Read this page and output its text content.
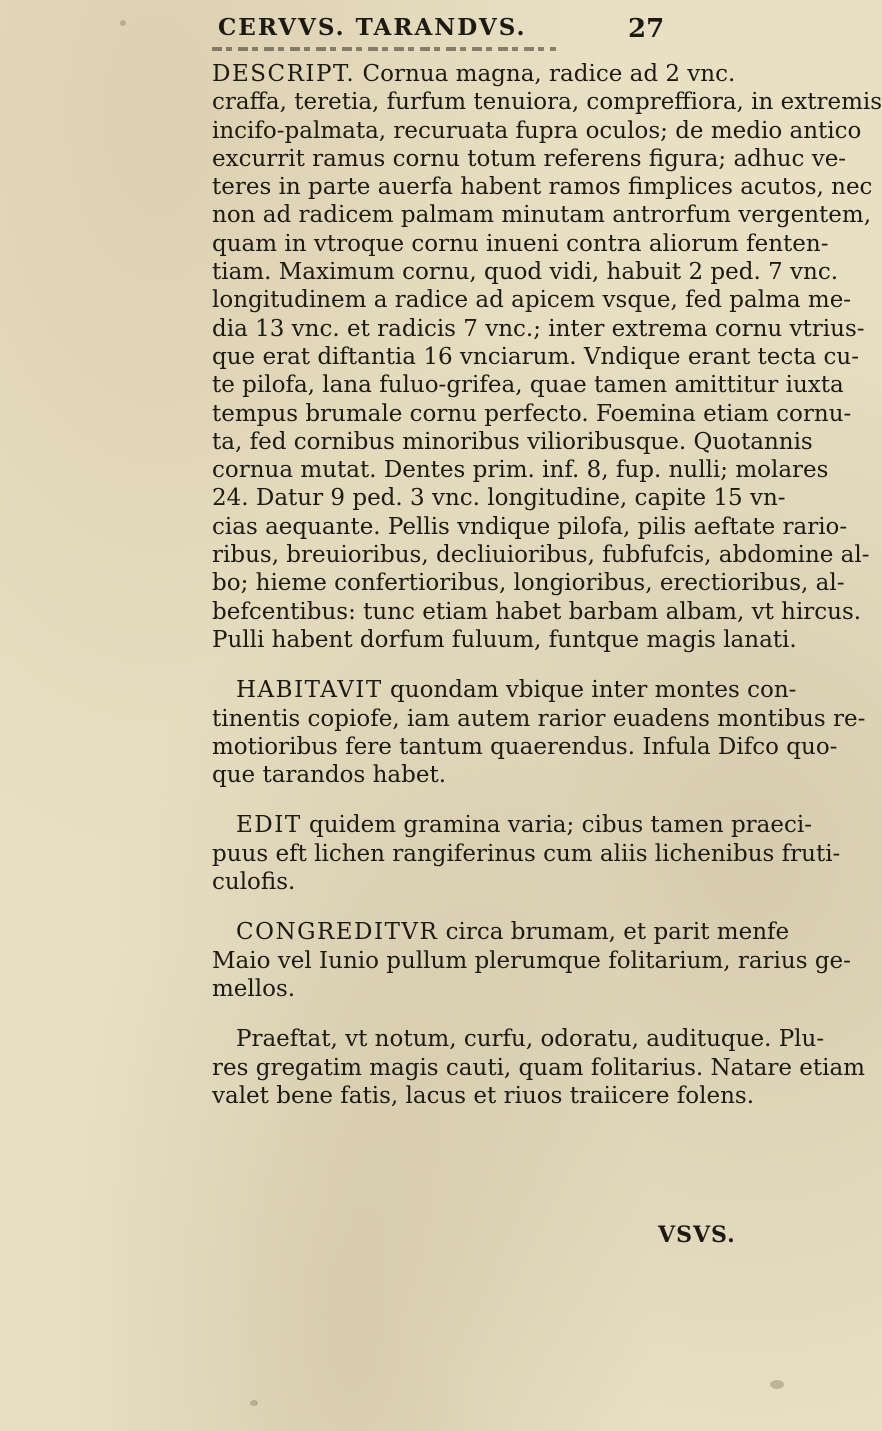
CERVVS. TARANDVS.	27
DESCRIPT. Cornua magna, radice ad 2 vnc.
craffa, teretia, furfum tenuiora, compreffiora, in extremis
incifo-palmata, recuruata fupra oculos; de medio antico
excurrit ramus cornu totum referens figura; adhuc ve-
teres in parte auerfa habent ramos fimplices acutos, nec
non ad radicem palmam minutam antrorfum vergentem,
quam in vtroque cornu inueni contra aliorum fenten-
tiam. Maximum cornu, quod vidi, habuit 2 ped. 7 vnc.
longitudinem a radice ad apicem vsque, fed palma me-
dia 13 vnc. et radicis 7 vnc.; inter extrema cornu vtrius-
que erat diftantia 16 vnciarum. Vndique erant tecta cu-
te pilofa, lana fuluo-grifea, quae tamen amittitur iuxta
tempus brumale cornu perfecto. Foemina etiam cornu-
ta, fed cornibus minoribus vilioribusque. Quotannis
cornua mutat. Dentes prim. inf. 8, fup. nulli; molares
24. Datur 9 ped. 3 vnc. longitudine, capite 15 vn-
cias aequante. Pellis vndique pilofa, pilis aeftate rario-
ribus, breuioribus, decliuioribus, fubfufcis, abdomine al-
bo; hieme confertioribus, longioribus, erectioribus, al-
befcentibus: tunc etiam habet barbam albam, vt hircus.
Pulli habent dorfum fuluum, funtque magis lanati.
HABITAVIT quondam vbique inter montes con-
tinentis copiofe, iam autem rarior euadens montibus re-
motioribus fere tantum quaerendus. Infula Difco quo-
que tarandos habet.
EDIT quidem gramina varia; cibus tamen praeci-
puus eft lichen rangiferinus cum aliis lichenibus fruti-
culofis.
CONGREDITVR circa brumam, et parit menfe
Maio vel Iunio pullum plerumque folitarium, rarius ge-
mellos.
Praeftat, vt notum, curfu, odoratu, audituque. Plu-
res gregatim magis cauti, quam folitarius. Natare etiam
valet bene fatis, lacus et riuos traiicere folens.
VSVS.
